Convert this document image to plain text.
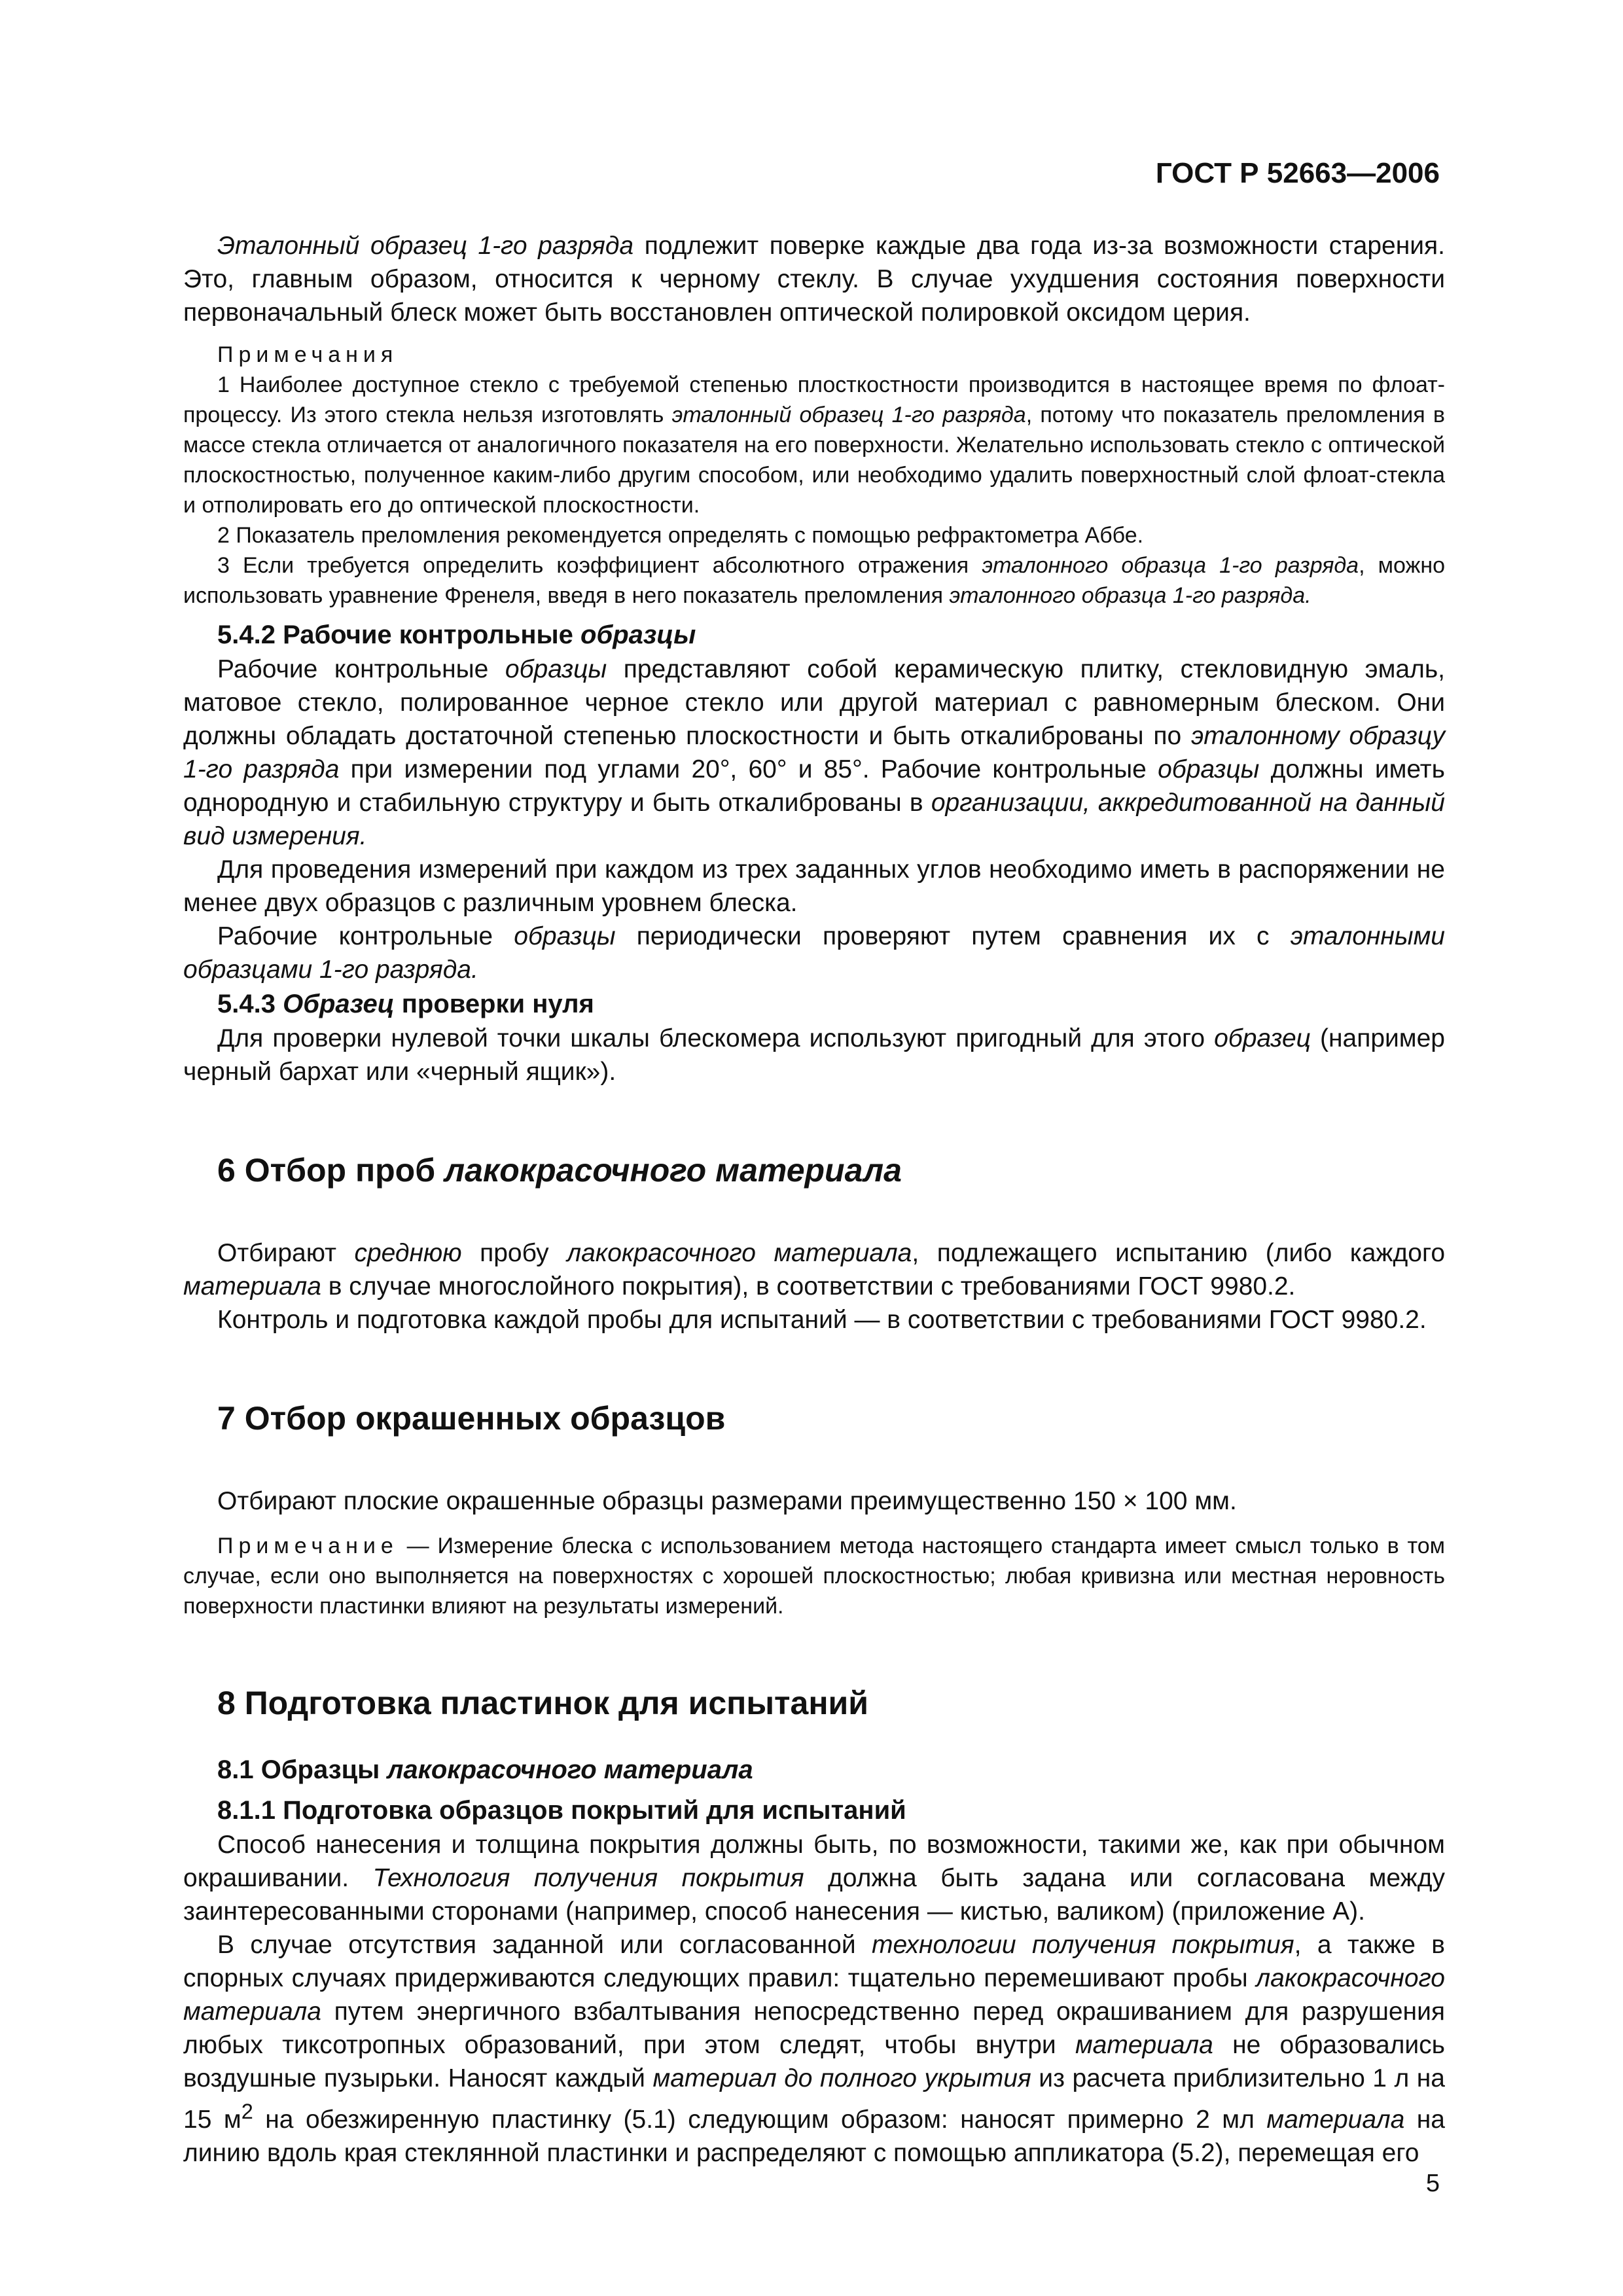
ГОСТ Р 52663—2006

Эталонный образец 1-го разряда подлежит поверке каждые два года из-за возможности старения. Это, главным образом, относится к черному стеклу. В случае ухудшения состояния поверхности первоначальный блеск может быть восстановлен оптической полировкой оксидом церия.

Примечания

1 Наиболее доступное стекло с требуемой степенью плосткостности производится в настоящее время по флоат-процессу. Из этого стекла нельзя изготовлять эталонный образец 1-го разряда, потому что показатель преломления в массе стекла отличается от аналогичного показателя на его поверхности. Желательно использовать стекло с оптической плоскостностью, полученное каким-либо другим способом, или необходимо удалить поверхностный слой флоат-стекла и отполировать его до оптической плоскостности.

2 Показатель преломления рекомендуется определять с помощью рефрактометра Аббе.

3 Если требуется определить коэффициент абсолютного отражения эталонного образца 1-го разряда, можно использовать уравнение Френеля, введя в него показатель преломления эталонного образца 1-го разряда.

5.4.2 Рабочие контрольные образцы

Рабочие контрольные образцы представляют собой керамическую плитку, стекловидную эмаль, матовое стекло, полированное черное стекло или другой материал с равномерным блеском. Они должны обладать достаточной степенью плоскостности и быть откалиброваны по эталонному образцу 1-го разряда при измерении под углами 20°, 60° и 85°. Рабочие контрольные образцы должны иметь однородную и стабильную структуру и быть откалиброваны в организации, аккредитованной на данный вид измерения.

Для проведения измерений при каждом из трех заданных углов необходимо иметь в распоряжении не менее двух образцов с различным уровнем блеска.

Рабочие контрольные образцы периодически проверяют путем сравнения их с эталонными образцами 1-го разряда.

5.4.3 Образец проверки нуля

Для проверки нулевой точки шкалы блескомера используют пригодный для этого образец (например черный бархат или «черный ящик»).

6 Отбор проб лакокрасочного материала

Отбирают среднюю пробу лакокрасочного материала, подлежащего испытанию (либо каждого материала в случае многослойного покрытия), в соответствии с требованиями ГОСТ 9980.2.

Контроль и подготовка каждой пробы для испытаний — в соответствии с требованиями ГОСТ 9980.2.

7 Отбор окрашенных образцов

Отбирают плоские окрашенные образцы размерами преимущественно 150 × 100 мм.

Примечание — Измерение блеска с использованием метода настоящего стандарта имеет смысл только в том случае, если оно выполняется на поверхностях с хорошей плоскостностью; любая кривизна или местная неровность поверхности пластинки влияют на результаты измерений.

8 Подготовка пластинок для испытаний

8.1 Образцы лакокрасочного материала

8.1.1 Подготовка образцов покрытий для испытаний

Способ нанесения и толщина покрытия должны быть, по возможности, такими же, как при обычном окрашивании. Технология получения покрытия должна быть задана или согласована между заинтересованными сторонами (например, способ нанесения — кистью, валиком) (приложение А).

В случае отсутствия заданной или согласованной технологии получения покрытия, а также в спорных случаях придерживаются следующих правил: тщательно перемешивают пробы лакокрасочного материала путем энергичного взбалтывания непосредственно перед окрашиванием для разрушения любых тиксотропных образований, при этом следят, чтобы внутри материала не образовались воздушные пузырьки. Наносят каждый материал до полного укрытия из расчета приблизительно 1 л на 15 $м^2$ на обезжиренную пластинку (5.1) следующим образом: наносят примерно 2 мл материала на линию вдоль края стеклянной пластинки и распределяют с помощью аппликатора (5.2), перемещая его

5
